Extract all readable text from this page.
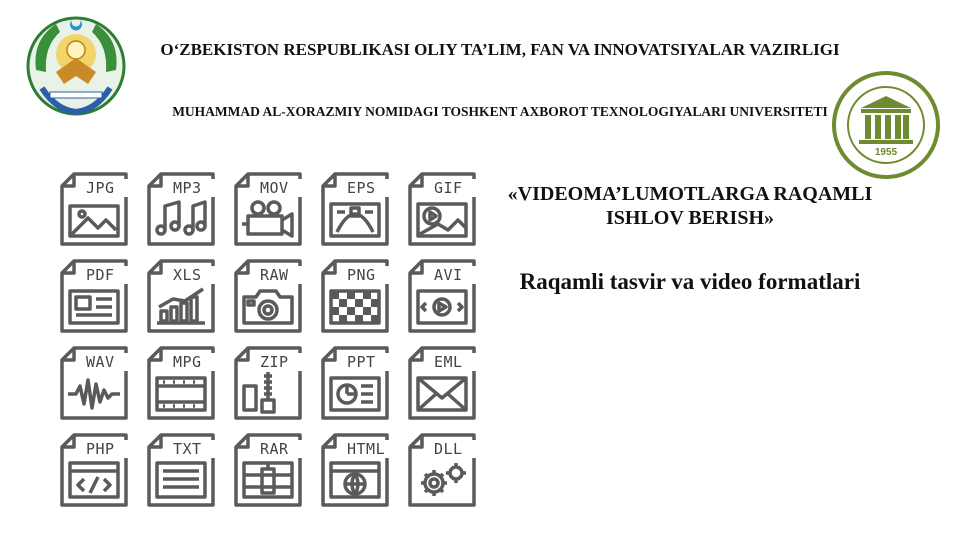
O‘ZBEKISTON RESPUBLIKASI OLIY TA’LIM, FAN VA INNOVATSIYALAR VAZIRLIGI
MUHAMMAD AL-XORAZMIY NOMIDAGI TOSHKENT AXBOROT TEXNOLOGIYALARI UNIVERSITETI
1955
«VIDEOMA’LUMOTLARGA RAQAMLI ISHLOV BERISH»
Raqamli tasvir va video formatlari
JPG	MP3	MOV	EPS	GIF
PDF	XLS	RAW	PNG	AVI
WAV	MPG	ZIP	PPT	EML
PHP	TXT	RAR	HTML	DLL
